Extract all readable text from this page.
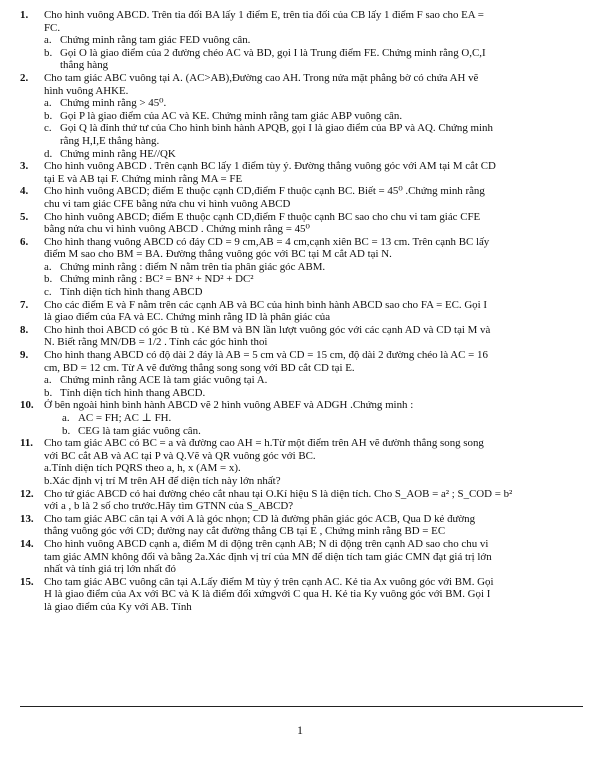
1.	Cho hình vuông ABCD. Trên tia đối BA lấy 1 điểm E, trên tia đối của CB lấy 1 điểm F sao cho EA =
FC.
a. Chứng minh rằng tam giác FED vuông cân.
b. Gọi O là giao điểm của 2 đường chéo AC và BD, gọi I là Trung điểm FE. Chứng minh rằng O,C,I
thẳng hàng
2.	Cho tam giác ABC vuông tại A. (AC>AB),Đường cao AH. Trong nửa mặt phẳng bờ có chứa AH vẽ
hình vuông AHKE.
a. Chứng minh rằng > 45⁰.
b. Gọi P là giao điểm của AC và KE. Chứng minh rằng tam giác ABP vuông cân.
c. Gọi Q là đỉnh thứ tư của Cho hình bình hành APQB, gọi I là giao điểm của BP và AQ. Chứng minh
rằng H,I,E thẳng hàng.
d. Chứng minh rằng HE//QK
3.	Cho hình vuông ABCD . Trên cạnh BC lấy 1 điểm tùy ý. Đường thẳng vuông góc với AM tại M cắt CD
tại E và AB tại F. Chứng minh rằng MA = FE
4.	Cho hình vuông ABCD; điểm E thuộc cạnh CD,điểm F thuộc cạnh BC. Biết = 45⁰ .Chứng minh rằng
chu vi tam giác CFE bằng nửa chu vi hình vuông ABCD
5.	Cho hình vuông ABCD; điểm E thuộc cạnh CD,điểm F thuộc cạnh BC sao cho chu vi tam giác CFE
bằng nửa chu vi hình vuông ABCD . Chứng minh rằng = 45⁰
6.	Cho hình thang vuông ABCD có đáy CD = 9 cm,AB = 4 cm,cạnh xiên BC = 13 cm. Trên cạnh BC lấy
điểm M sao cho BM = BA. Đường thẳng vuông góc với BC tại M cắt AD tại N.
a. Chứng minh rằng : điểm N nằm trên tia phân giác góc ABM.
b. Chứng minh rằng : BC² = BN² + ND² + DC²
c. Tính diện tích hình thang ABCD
7.	Cho các điểm E và F nằm trên các cạnh AB và BC của hình bình hành ABCD sao cho FA = EC. Gọi I
là giao điểm của FA và EC. Chứng minh rằng ID là phân giác của
8.	Cho hình thoi ABCD có góc B tù . Kẻ BM và BN lần lượt vuông góc với các cạnh AD và CD tại M và
N. Biết rằng MN/DB = 1/2 . Tính các góc hình thoi
9.	Cho hình thang ABCD có độ dài 2 đáy là AB = 5 cm và CD = 15 cm, độ dài 2 đường chéo là AC = 16
cm, BD = 12 cm. Từ A vẽ đường thẳng song song với BD cắt CD tại E.
a. Chứng minh rằng ACE là tam giác vuông tại A.
b. Tính diện tích hình thang ABCD.
10. Ở bên ngoài hình bình hành ABCD vẽ 2 hình vuông ABEF và ADGH .Chứng minh :
a. AC = FH; AC ⊥ FH.
b. CEG là tam giác vuông cân.
11.	Cho tam giác ABC có BC = a và đường cao AH = h.Từ một điểm trên AH vẽ đườnh thẳng song song
với BC cắt AB và AC tại P và Q.Vẽ và QR vuông góc với BC.
a.Tính diện tích PQRS theo a, h, x (AM = x).
b.Xác định vị trí M trên AH để diện tích này lớn nhất?
12. Cho tứ giác ABCD có hai đường chéo cắt nhau tại O.Kí hiệu S là diện tích. Cho S_AOB = a² ; S_COD = b²
với a , b là 2 số cho trước.Hãy tìm GTNN của S_ABCD?
13. Cho tam giác ABC cân tại A với A là góc nhọn; CD là đường phân giác góc ACB, Qua D kẻ đường
thẳng vuông góc với CD; đường nay cắt đường thẳng CB tại E , Chứng minh rằng BD = EC
14. Cho hình vuông ABCD cạnh a, điểm M di động trên cạnh AB; N di động trên cạnh AD sao cho chu vi
tam giác AMN không đổi và bằng 2a.Xác định vị trí của MN để diện tích tam giác CMN đạt giá trị lớn
nhất và tính giá trị lớn nhất đó
15. Cho tam giác ABC vuông cân tại A.Lấy điểm M tùy ý trên cạnh AC. Kẻ tia Ax vuông góc với BM. Gọi
H là giao điểm của Ax với BC và K là điểm đối xứngvới C qua H. Kẻ tia Ky vuông góc với BM. Gọi I
là giao điểm của Ky với AB. Tính
1
